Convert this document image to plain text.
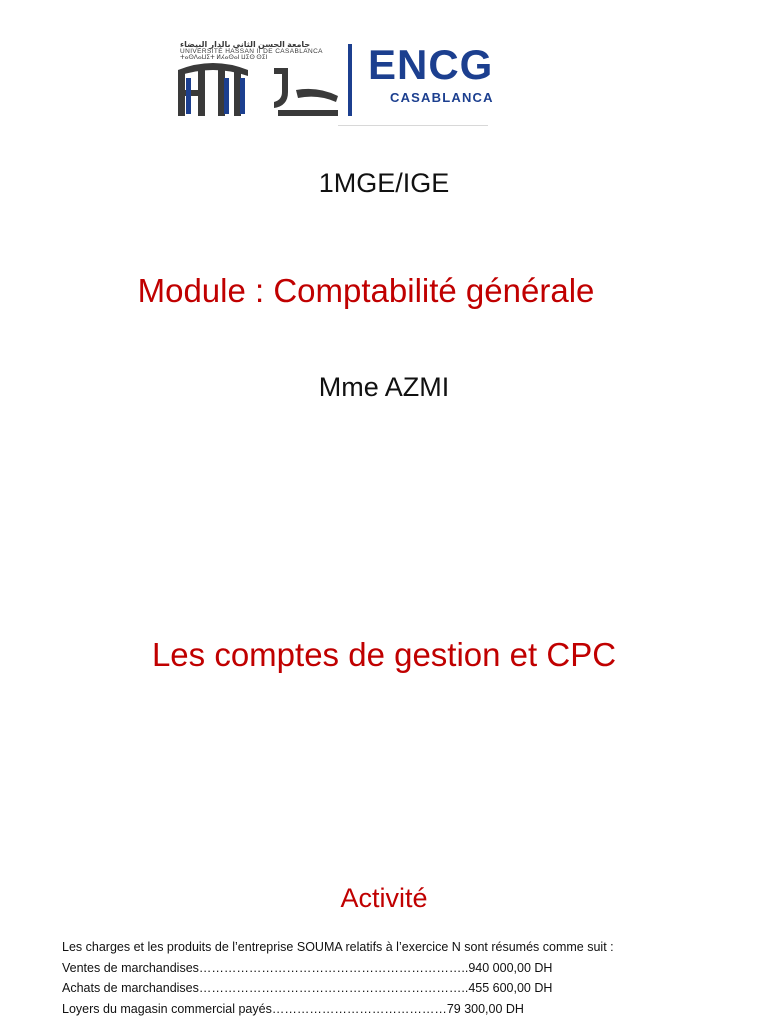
جامعة الحسن الثاني بالدار البيضاء
UNIVERSITÉ HASSAN II DE CASABLANCA
ⵜⴰⵙⴷⴰⵡⵉⵜ ⵍⵃⴰⵙⴰⵏ ⵡⵉⵙ ⵙⵉⵏ ENCG
CASABLANCA
1MGE/IGE
Module : Comptabilité générale
Mme AZMI
Les comptes de gestion et CPC
Activité
Les charges et les produits de l’entreprise SOUMA relatifs à l’exercice N sont résumés comme suit :
Ventes de marchandises………………………………………………………..940 000,00 DH
Achats de marchandises………………………………………………………..455 600,00 DH
Loyers du magasin commercial payés……………………………………79 300,00 DH
